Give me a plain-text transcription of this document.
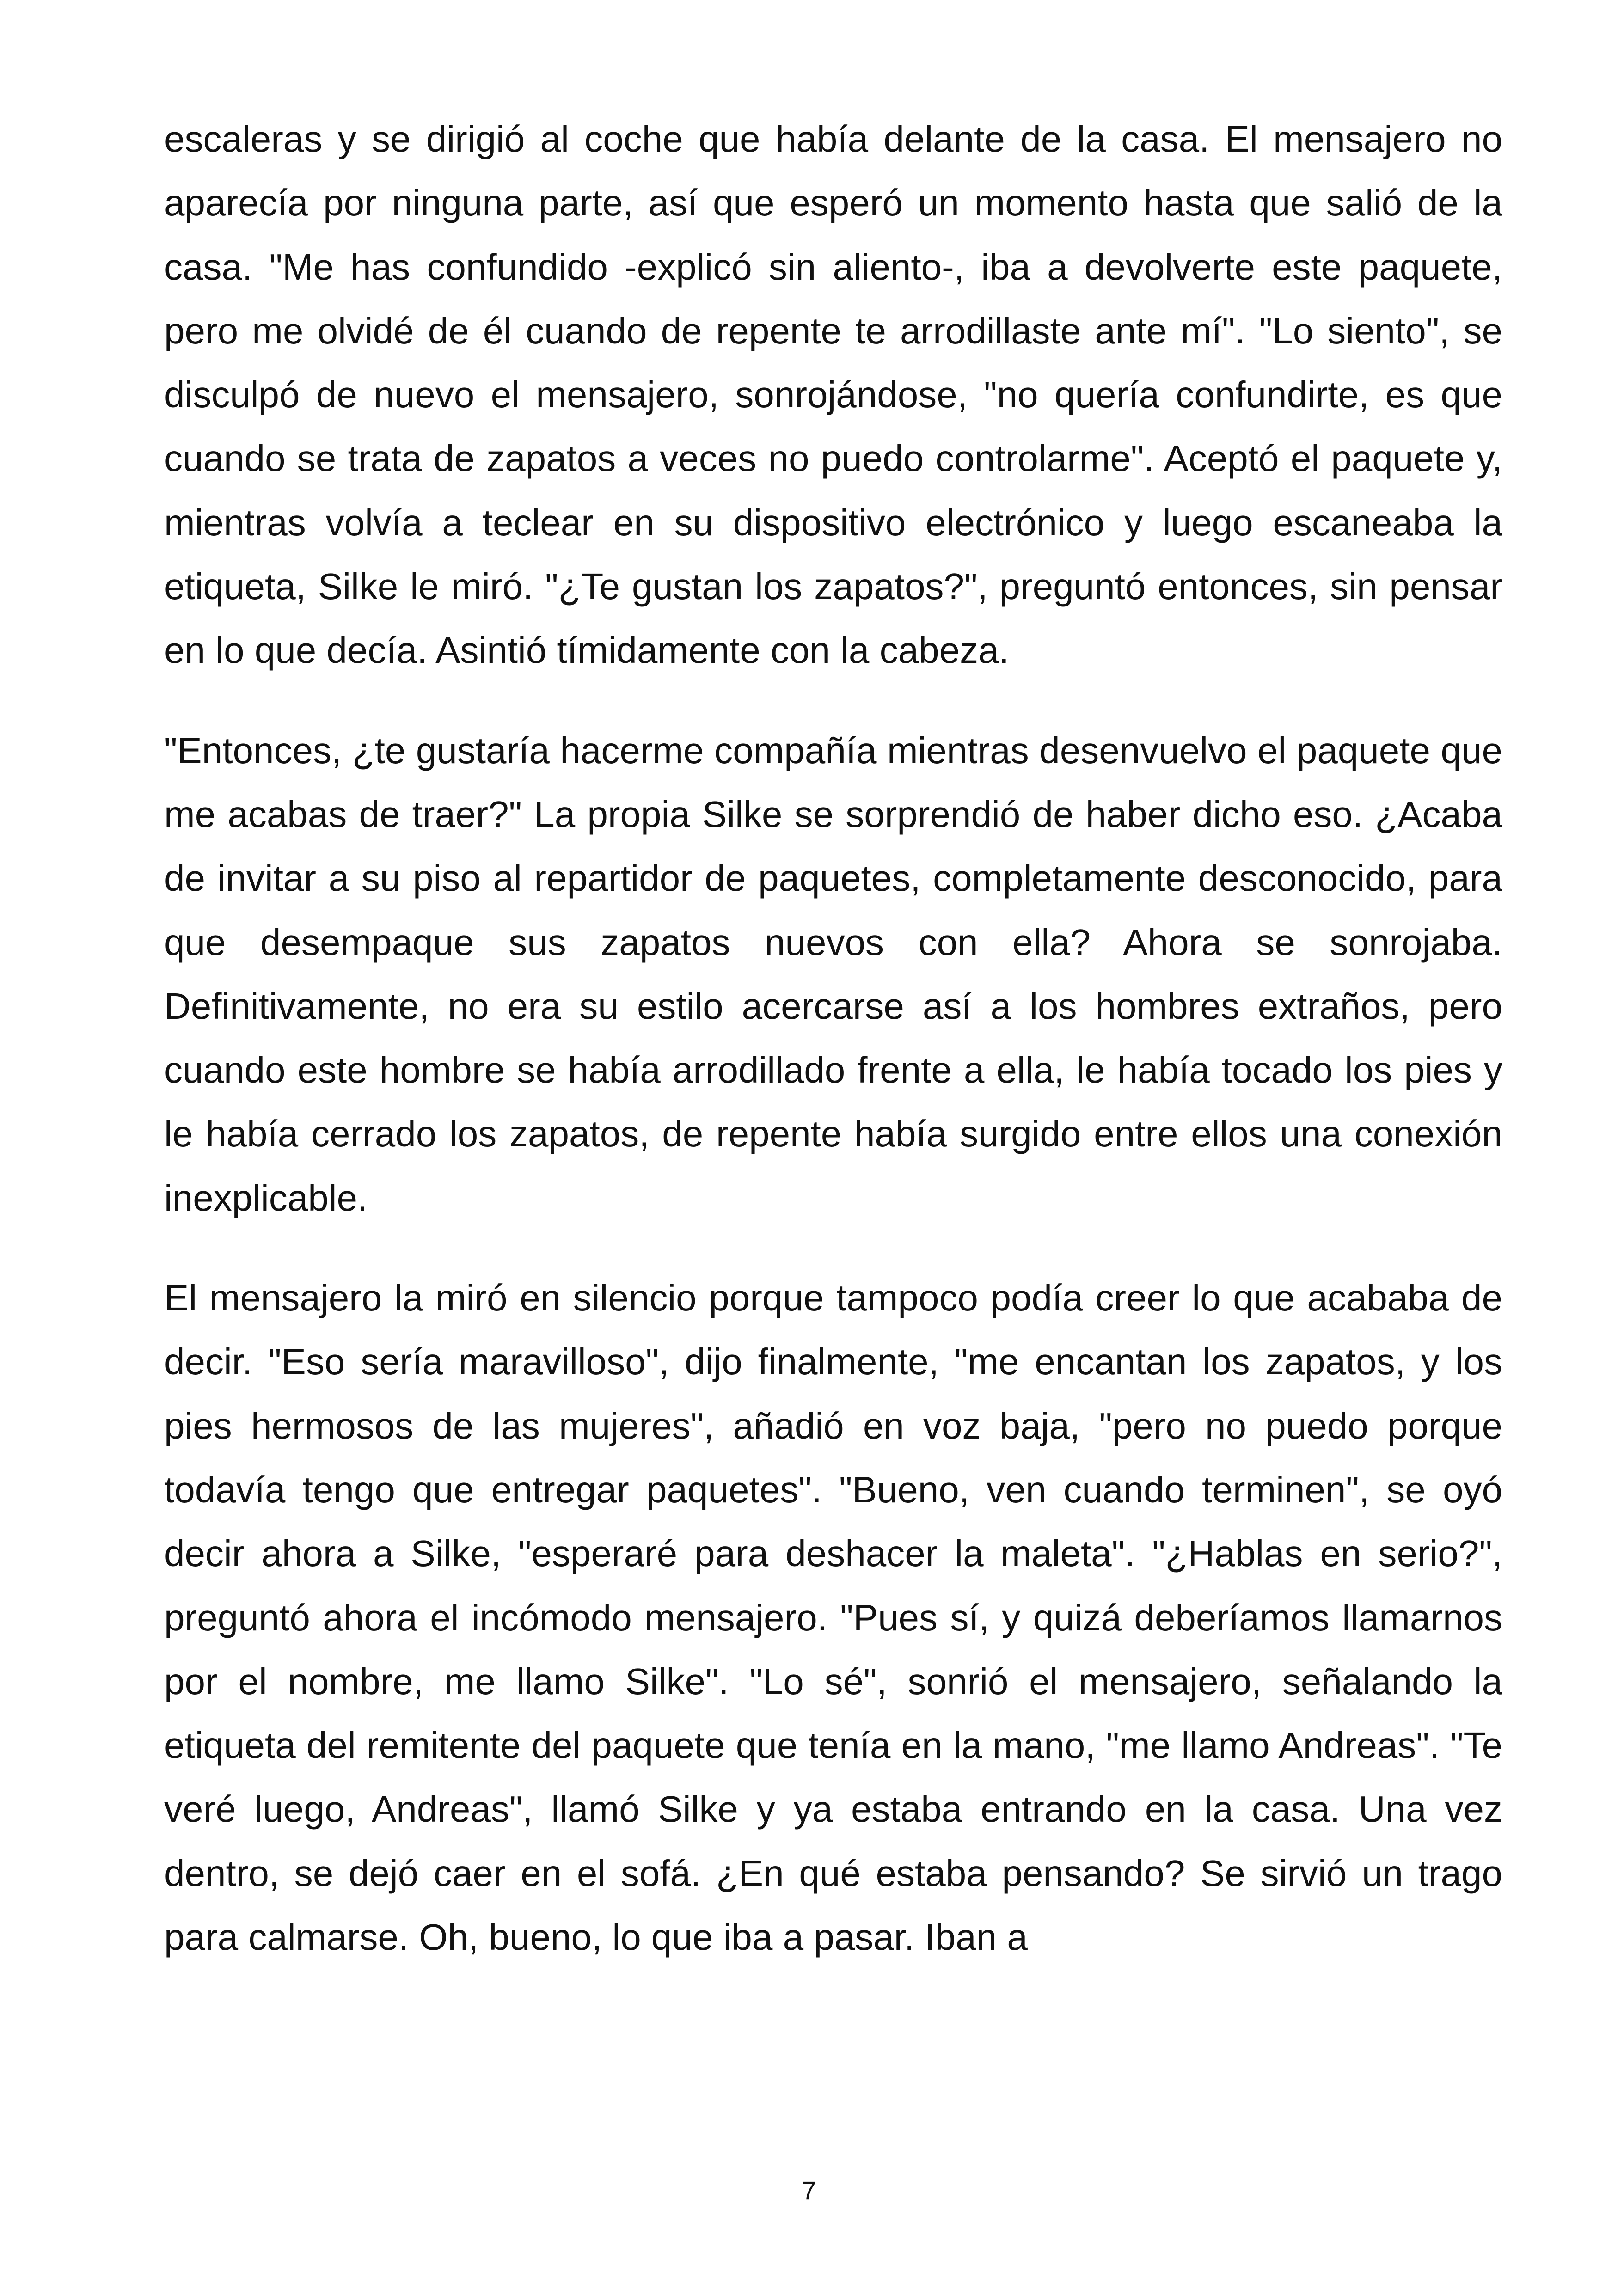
escaleras y se dirigió al coche que había delante de la casa. El mensajero no aparecía por ninguna parte, así que esperó un momento hasta que salió de la casa. "Me has confundido -explicó sin aliento-, iba a devolverte este paquete, pero me olvidé de él cuando de repente te arrodillaste ante mí". "Lo siento", se disculpó de nuevo el mensajero, sonrojándose, "no quería confundirte, es que cuando se trata de zapatos a veces no puedo controlarme". Aceptó el paquete y, mientras volvía a teclear en su dispositivo electrónico y luego escaneaba la etiqueta, Silke le miró. "¿Te gustan los zapatos?", preguntó entonces, sin pensar en lo que decía. Asintió tímidamente con la cabeza.

"Entonces, ¿te gustaría hacerme compañía mientras desenvuelvo el paquete que me acabas de traer?" La propia Silke se sorprendió de haber dicho eso. ¿Acaba de invitar a su piso al repartidor de paquetes, completamente desconocido, para que desempaque sus zapatos nuevos con ella? Ahora se sonrojaba. Definitivamente, no era su estilo acercarse así a los hombres extraños, pero cuando este hombre se había arrodillado frente a ella, le había tocado los pies y le había cerrado los zapatos, de repente había surgido entre ellos una conexión inexplicable.

El mensajero la miró en silencio porque tampoco podía creer lo que acababa de decir. "Eso sería maravilloso", dijo finalmente, "me encantan los zapatos, y los pies hermosos de las mujeres", añadió en voz baja, "pero no puedo porque todavía tengo que entregar paquetes". "Bueno, ven cuando terminen", se oyó decir ahora a Silke, "esperaré para deshacer la maleta". "¿Hablas en serio?", preguntó ahora el incómodo mensajero. "Pues sí, y quizá deberíamos llamarnos por el nombre, me llamo Silke". "Lo sé", sonrió el mensajero, señalando la etiqueta del remitente del paquete que tenía en la mano, "me llamo Andreas". "Te veré luego, Andreas", llamó Silke y ya estaba entrando en la casa. Una vez dentro, se dejó caer en el sofá. ¿En qué estaba pensando? Se sirvió un trago para calmarse. Oh, bueno, lo que iba a pasar. Iban a

7
